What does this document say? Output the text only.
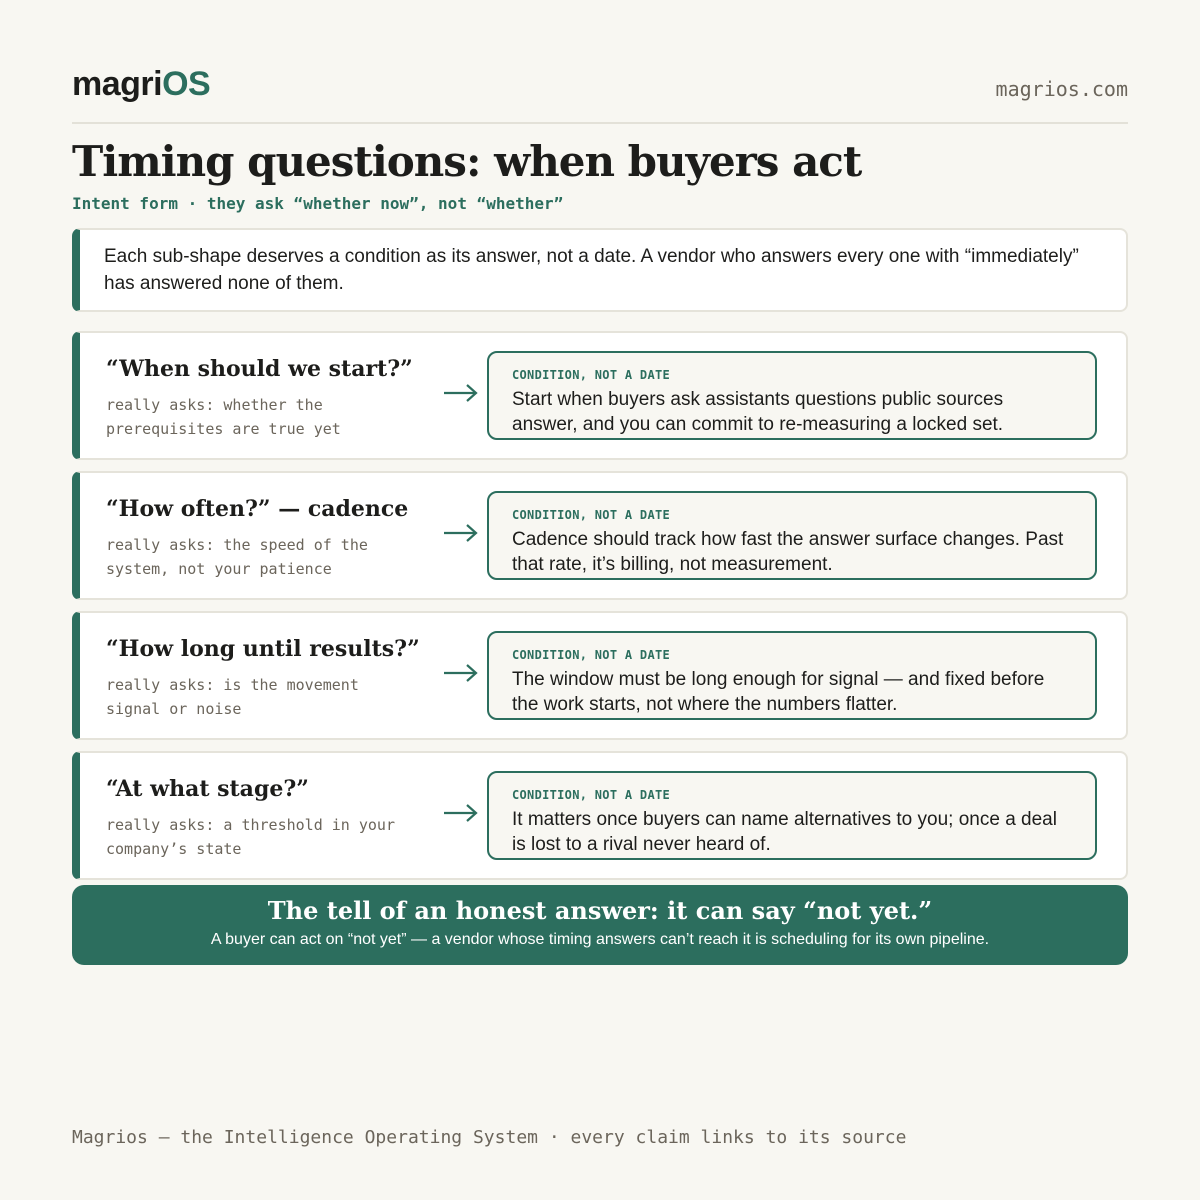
magriOS	magrios.com
Timing questions: when buyers act
Intent form · they ask “whether now”, not “whether”
Each sub-shape deserves a condition as its answer, not a date. A vendor who answers every one with “immediately” has answered none of them.
“When should we start?”
really asks: whether the prerequisites are true yet
CONDITION, NOT A DATE
Start when buyers ask assistants questions public sources answer, and you can commit to re-measuring a locked set.
“How often?” — cadence
really asks: the speed of the system, not your patience
CONDITION, NOT A DATE
Cadence should track how fast the answer surface changes. Past that rate, it’s billing, not measurement.
“How long until results?”
really asks: is the movement signal or noise
CONDITION, NOT A DATE
The window must be long enough for signal — and fixed before the work starts, not where the numbers flatter.
“At what stage?”
really asks: a threshold in your company’s state
CONDITION, NOT A DATE
It matters once buyers can name alternatives to you; once a deal is lost to a rival never heard of.
The tell of an honest answer: it can say “not yet.”
A buyer can act on “not yet” — a vendor whose timing answers can’t reach it is scheduling for its own pipeline.
Magrios — the Intelligence Operating System · every claim links to its source
